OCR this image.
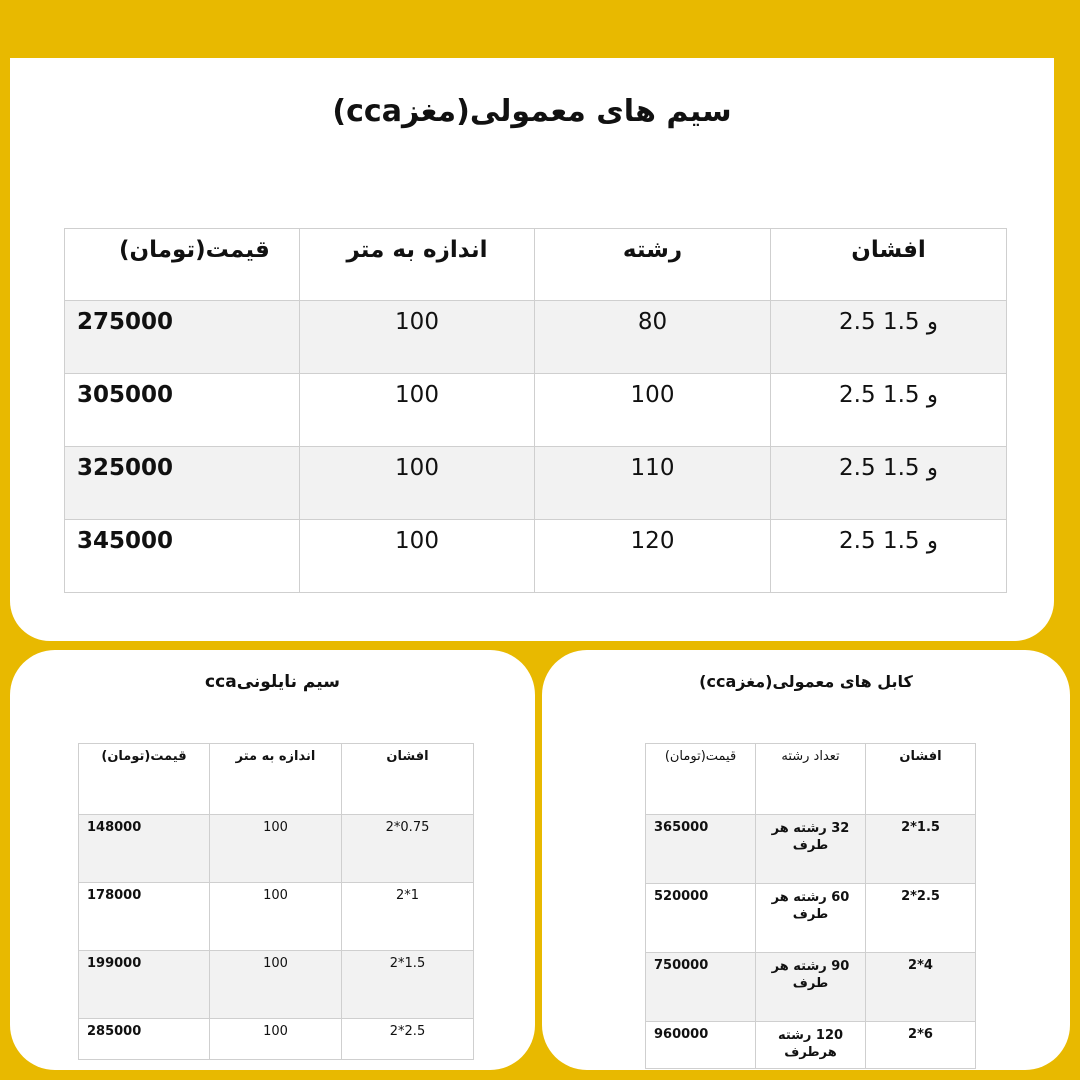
سیم های معمولی(مغزcca)
قیمت(تومان)	اندازه به متر	رشته	افشان
275000	100	80	2.5 و 1.5
305000	100	100	2.5 و 1.5
325000	100	110	2.5 و 1.5
345000	100	120	2.5 و 1.5
سیم نایلونیcca
قیمت(تومان)	اندازه به متر	افشان
148000	100	2*0.75
178000	100	2*1
199000	100	2*1.5
285000	100	2*2.5
کابل های معمولی(مغزcca)
قیمت(تومان)	تعداد رشته	افشان
365000	32 رشته هر طرف	2*1.5
520000	60 رشته هر طرف	2*2.5
750000	90 رشته هر طرف	2*4
960000	120 رشته هرطرف	2*6
